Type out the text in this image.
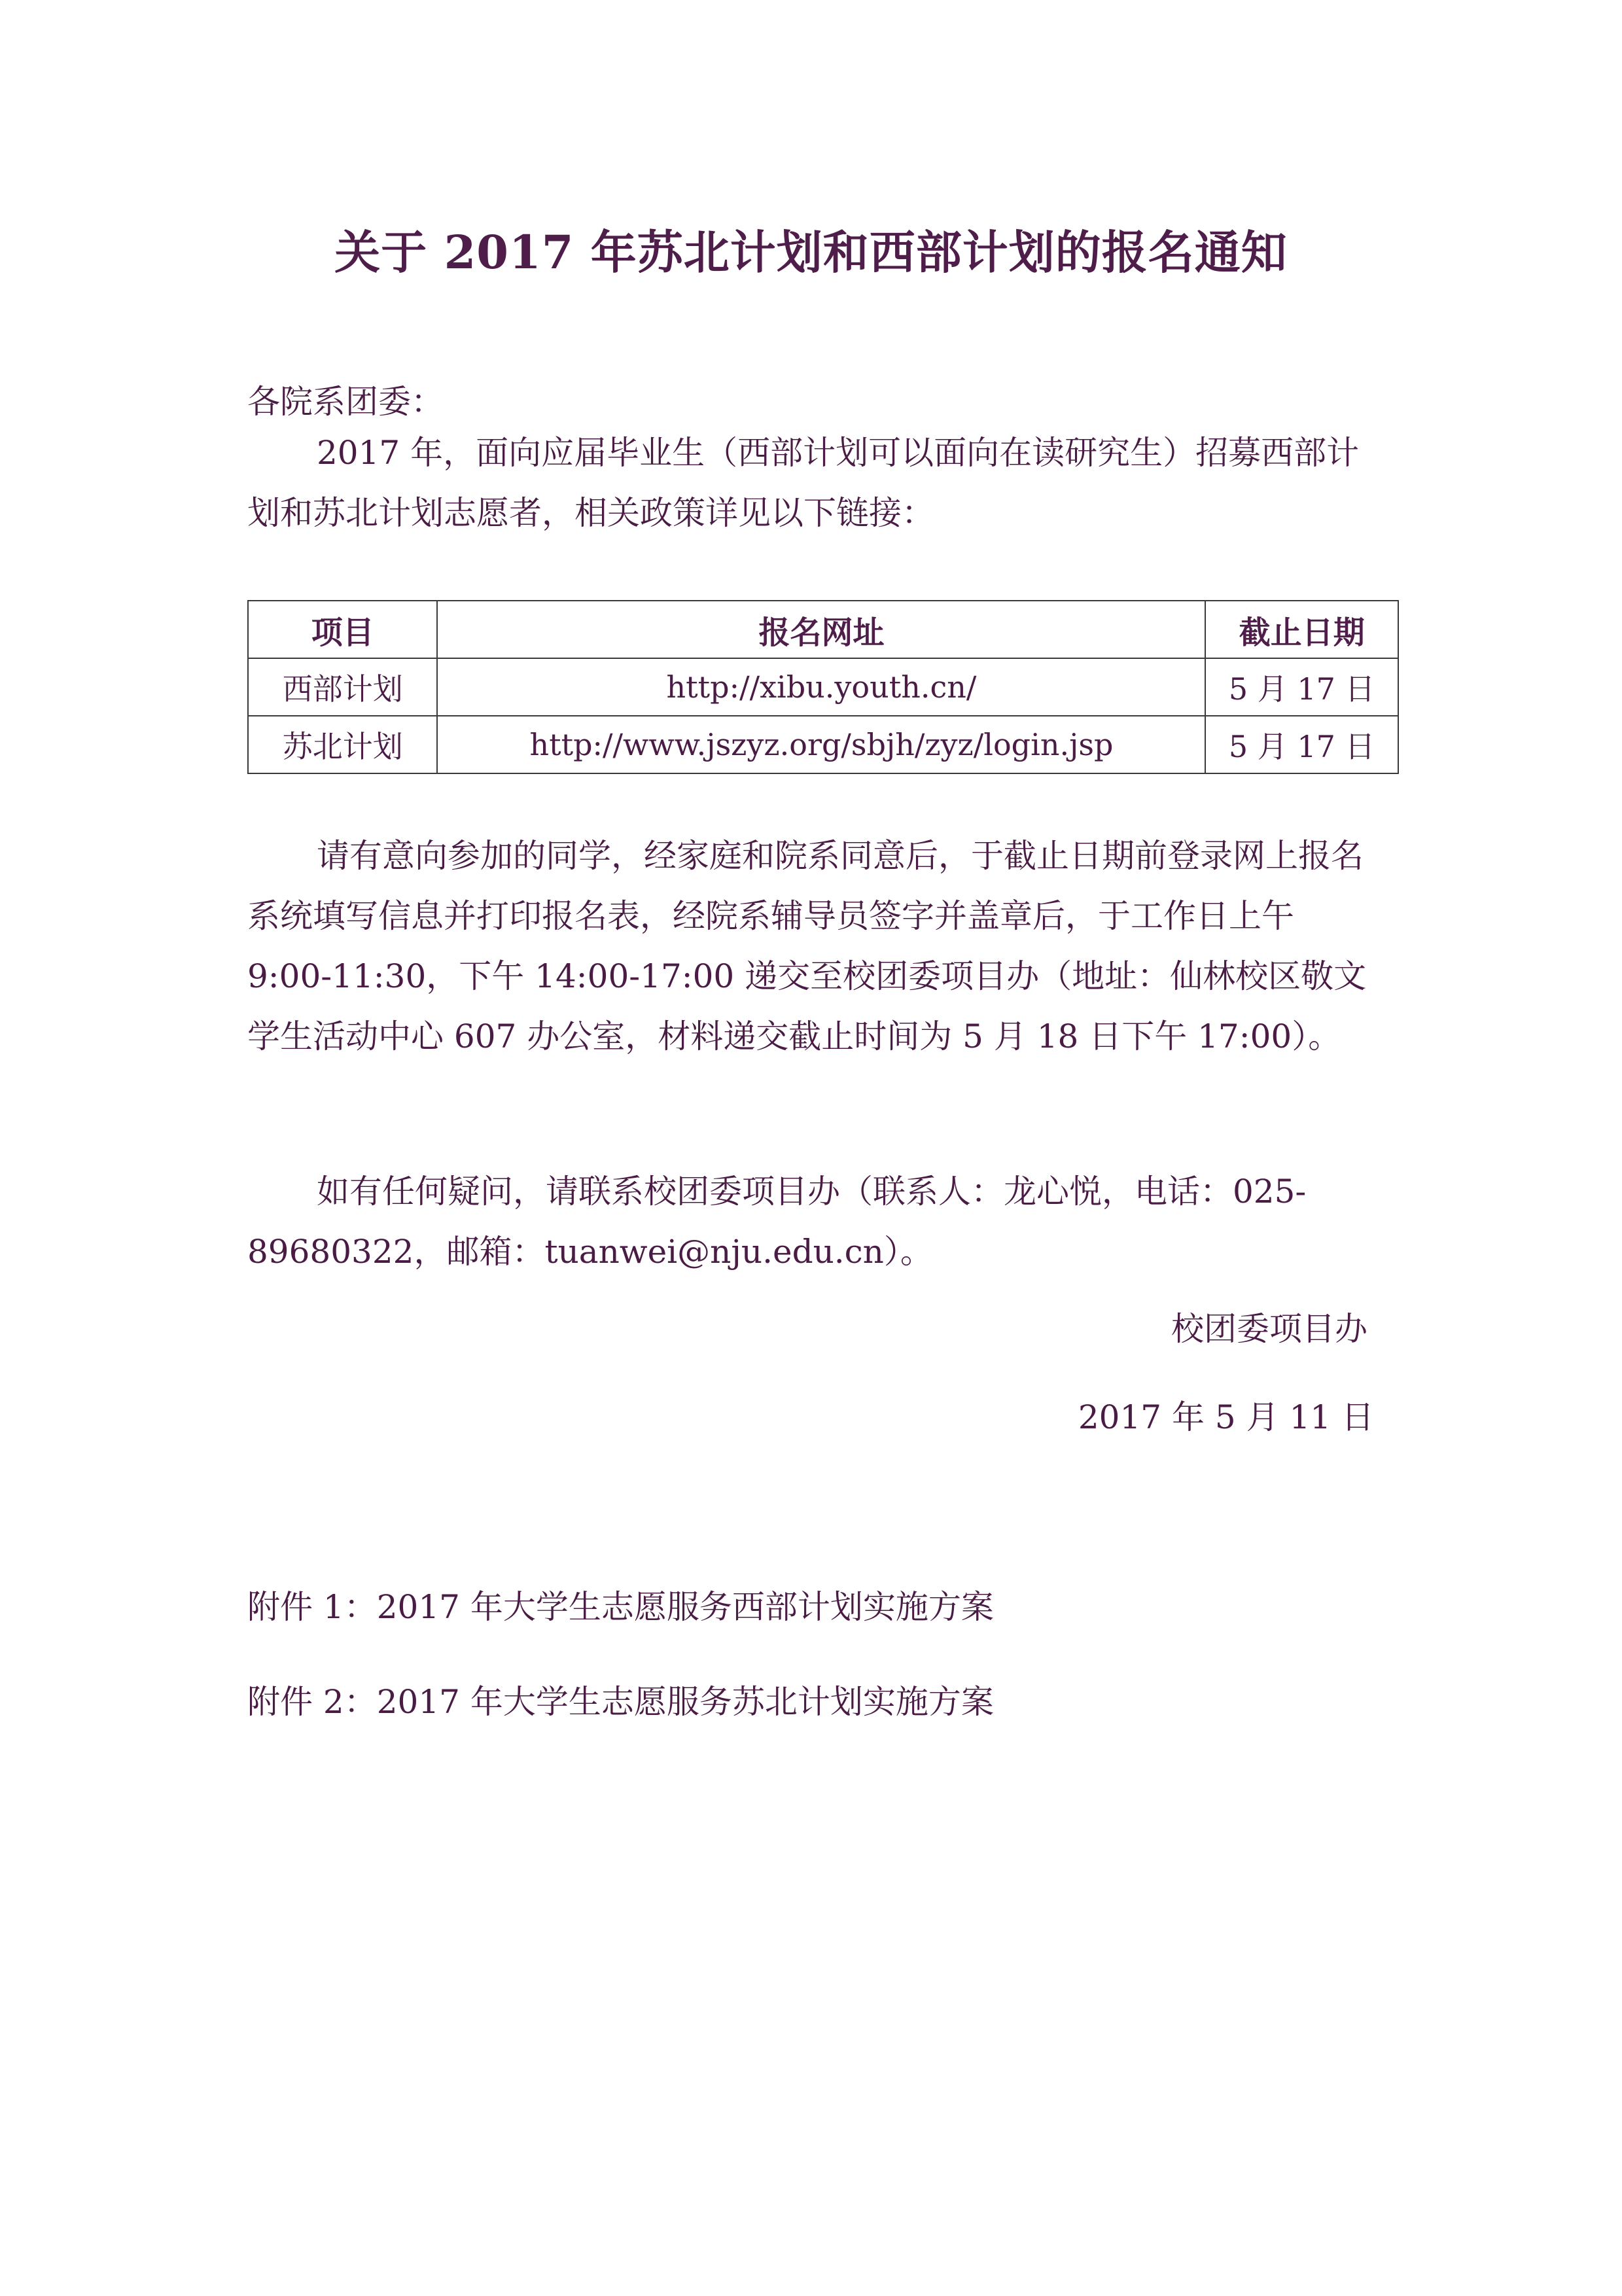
关于 2017 年苏北计划和西部计划的报名通知
各院系团委：
2017 年，面向应届毕业生（西部计划可以面向在读研究生）招募西部计划和苏北计划志愿者，相关政策详见以下链接：
项目	报名网址	截止日期
西部计划	http://xibu.youth.cn/	5 月 17 日
苏北计划	http://www.jszyz.org/sbjh/zyz/login.jsp	5 月 17 日
请有意向参加的同学，经家庭和院系同意后，于截止日期前登录网上报名系统填写信息并打印报名表，经院系辅导员签字并盖章后，于工作日上午 9:00-11:30，下午 14:00-17:00 递交至校团委项目办（地址：仙林校区敬文学生活动中心 607 办公室，材料递交截止时间为 5 月 18 日下午 17:00）。
如有任何疑问，请联系校团委项目办（联系人：龙心悦，电话：025-89680322，邮箱：tuanwei@nju.edu.cn）。
校团委项目办
2017 年 5 月 11 日
附件 1：2017 年大学生志愿服务西部计划实施方案
附件 2：2017 年大学生志愿服务苏北计划实施方案
